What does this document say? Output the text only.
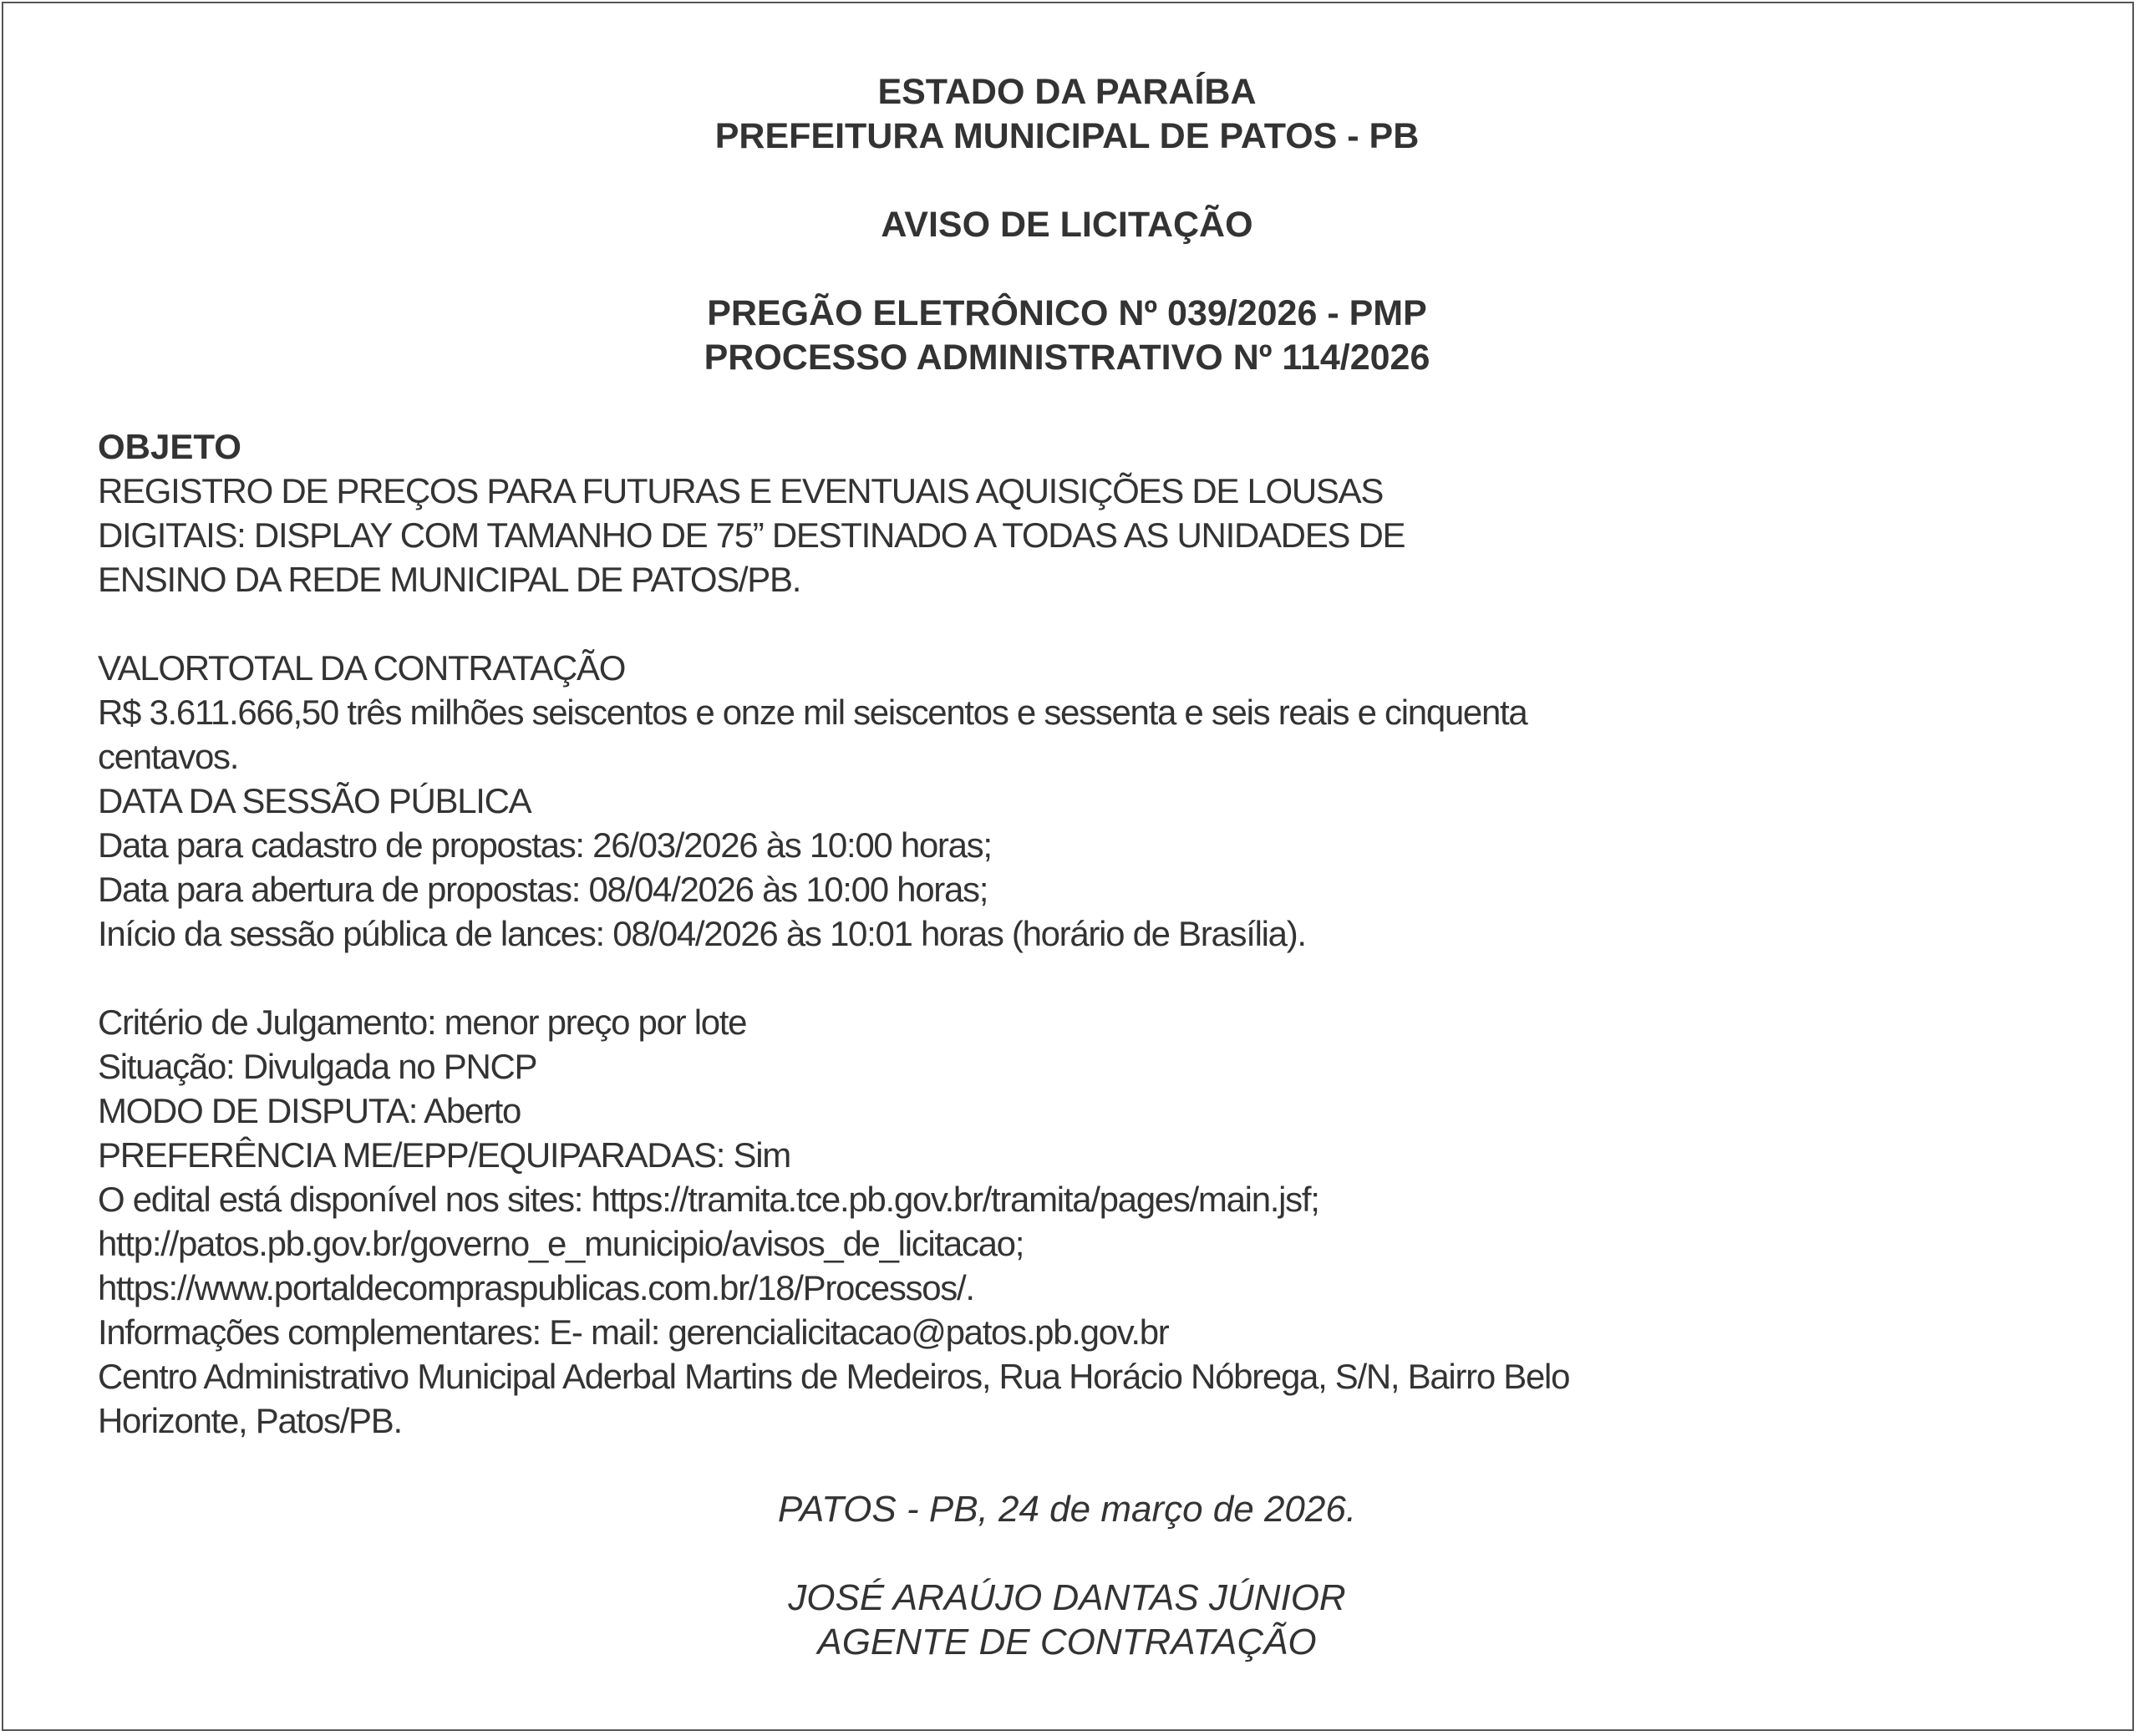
ESTADO DA PARAÍBA
PREFEITURA MUNICIPAL DE PATOS - PB
AVISO DE LICITAÇÃO
PREGÃO ELETRÔNICO Nº 039/2026 - PMP
PROCESSO ADMINISTRATIVO Nº 114/2026
OBJETO
REGISTRO DE PREÇOS PARA FUTURAS E EVENTUAIS AQUISIÇÕES DE LOUSAS
DIGITAIS: DISPLAY COM TAMANHO DE 75” DESTINADO A TODAS AS UNIDADES DE
ENSINO DA REDE MUNICIPAL DE PATOS/PB.
VALORTOTAL DA CONTRATAÇÃO
R$ 3.611.666,50 três milhões seiscentos e onze mil seiscentos e sessenta e seis reais e cinquenta
centavos.
DATA DA SESSÃO PÚBLICA
Data para cadastro de propostas: 26/03/2026 às 10:00 horas;
Data para abertura de propostas: 08/04/2026 às 10:00 horas;
Início da sessão pública de lances: 08/04/2026 às 10:01 horas (horário de Brasília).
Critério de Julgamento: menor preço por lote
Situação: Divulgada no PNCP
MODO DE DISPUTA: Aberto
PREFERÊNCIA ME/EPP/EQUIPARADAS: Sim
O edital está disponível nos sites: https://tramita.tce.pb.gov.br/tramita/pages/main.jsf;
http://patos.pb.gov.br/governo_e_municipio/avisos_de_licitacao;
https://www.portaldecompraspublicas.com.br/18/Processos/.
Informações complementares: E- mail: gerencialicitacao@patos.pb.gov.br
Centro Administrativo Municipal Aderbal Martins de Medeiros, Rua Horácio Nóbrega, S/N, Bairro Belo
Horizonte, Patos/PB.
PATOS - PB, 24 de março de 2026.
JOSÉ ARAÚJO DANTAS JÚNIOR
AGENTE DE CONTRATAÇÃO
